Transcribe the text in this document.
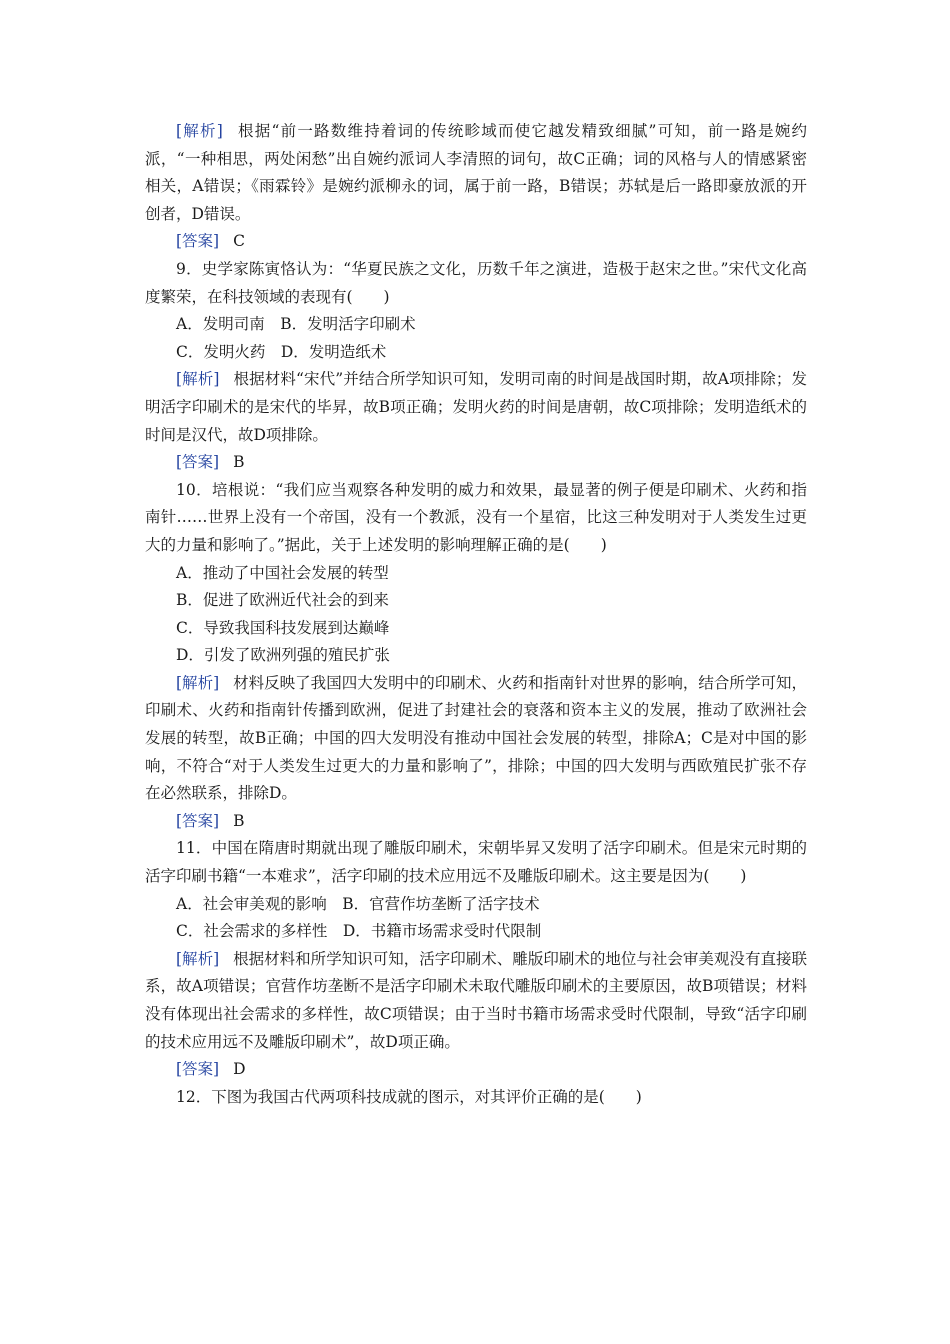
[解析] 根据“前一路数维持着词的传统畛域而使它越发精致细腻”可知，前一路是婉约派，“一种相思，两处闲愁”出自婉约派词人李清照的词句，故C正确；词的风格与人的情感紧密相关，A错误；《雨霖铃》是婉约派柳永的词，属于前一路，B错误；苏轼是后一路即豪放派的开创者，D错误。

[答案] C

9．史学家陈寅恪认为：“华夏民族之文化，历数千年之演进，造极于赵宋之世。”宋代文化高度繁荣，在科技领域的表现有(　　)

A．发明司南　B．发明活字印刷术

C．发明火药　D．发明造纸术

[解析] 根据材料“宋代”并结合所学知识可知，发明司南的时间是战国时期，故A项排除；发明活字印刷术的是宋代的毕昇，故B项正确；发明火药的时间是唐朝，故C项排除；发明造纸术的时间是汉代，故D项排除。

[答案] B

10．培根说：“我们应当观察各种发明的威力和效果，最显著的例子便是印刷术、火药和指南针……世界上没有一个帝国，没有一个教派，没有一个星宿，比这三种发明对于人类发生过更大的力量和影响了。”据此，关于上述发明的影响理解正确的是(　　)

A．推动了中国社会发展的转型

B．促进了欧洲近代社会的到来

C．导致我国科技发展到达巅峰

D．引发了欧洲列强的殖民扩张

[解析] 材料反映了我国四大发明中的印刷术、火药和指南针对世界的影响，结合所学可知，印刷术、火药和指南针传播到欧洲，促进了封建社会的衰落和资本主义的发展，推动了欧洲社会发展的转型，故B正确；中国的四大发明没有推动中国社会发展的转型，排除A；C是对中国的影响，不符合“对于人类发生过更大的力量和影响了”，排除；中国的四大发明与西欧殖民扩张不存在必然联系，排除D。

[答案] B

11．中国在隋唐时期就出现了雕版印刷术，宋朝毕昇又发明了活字印刷术。但是宋元时期的活字印刷书籍“一本难求”，活字印刷的技术应用远不及雕版印刷术。这主要是因为(　　)

A．社会审美观的影响　B．官营作坊垄断了活字技术

C．社会需求的多样性　D．书籍市场需求受时代限制

[解析] 根据材料和所学知识可知，活字印刷术、雕版印刷术的地位与社会审美观没有直接联系，故A项错误；官营作坊垄断不是活字印刷术未取代雕版印刷术的主要原因，故B项错误；材料没有体现出社会需求的多样性，故C项错误；由于当时书籍市场需求受时代限制，导致“活字印刷的技术应用远不及雕版印刷术”，故D项正确。

[答案] D

12．下图为我国古代两项科技成就的图示，对其评价正确的是(　　)
